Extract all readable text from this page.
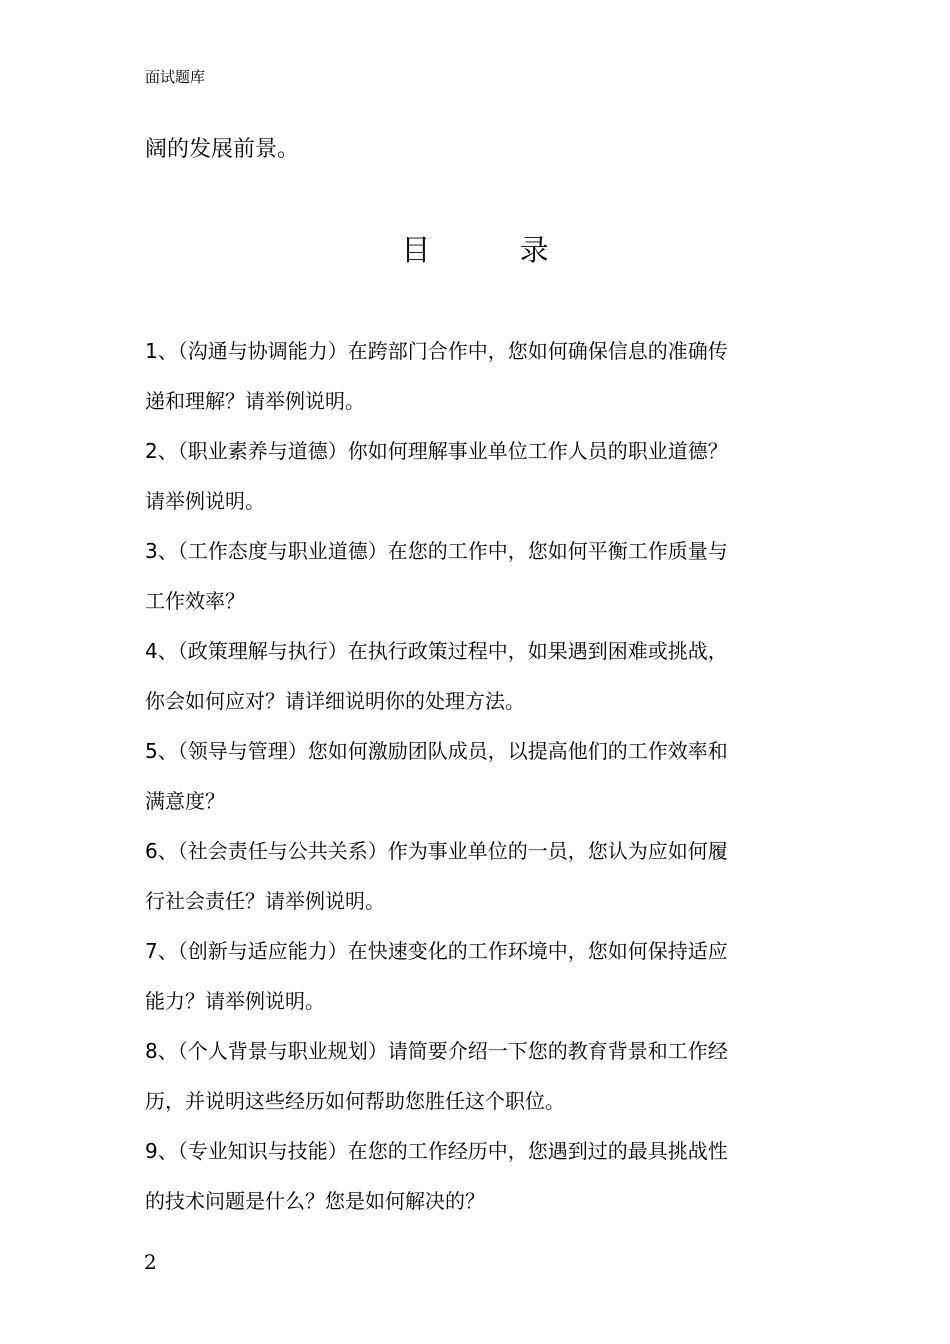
面试题库
阔的发展前景。
目 录
1、（沟通与协调能力）在跨部门合作中，您如何确保信息的准确传
递和理解？请举例说明。
2、（职业素养与道德）你如何理解事业单位工作人员的职业道德？
请举例说明。
3、（工作态度与职业道德）在您的工作中，您如何平衡工作质量与
工作效率？
4、（政策理解与执行）在执行政策过程中，如果遇到困难或挑战，
你会如何应对？请详细说明你的处理方法。
5、（领导与管理）您如何激励团队成员，以提高他们的工作效率和
满意度？
6、（社会责任与公共关系）作为事业单位的一员，您认为应如何履
行社会责任？请举例说明。
7、（创新与适应能力）在快速变化的工作环境中，您如何保持适应
能力？请举例说明。
8、（个人背景与职业规划）请简要介绍一下您的教育背景和工作经
历，并说明这些经历如何帮助您胜任这个职位。
9、（专业知识与技能）在您的工作经历中，您遇到过的最具挑战性
的技术问题是什么？您是如何解决的？
2
